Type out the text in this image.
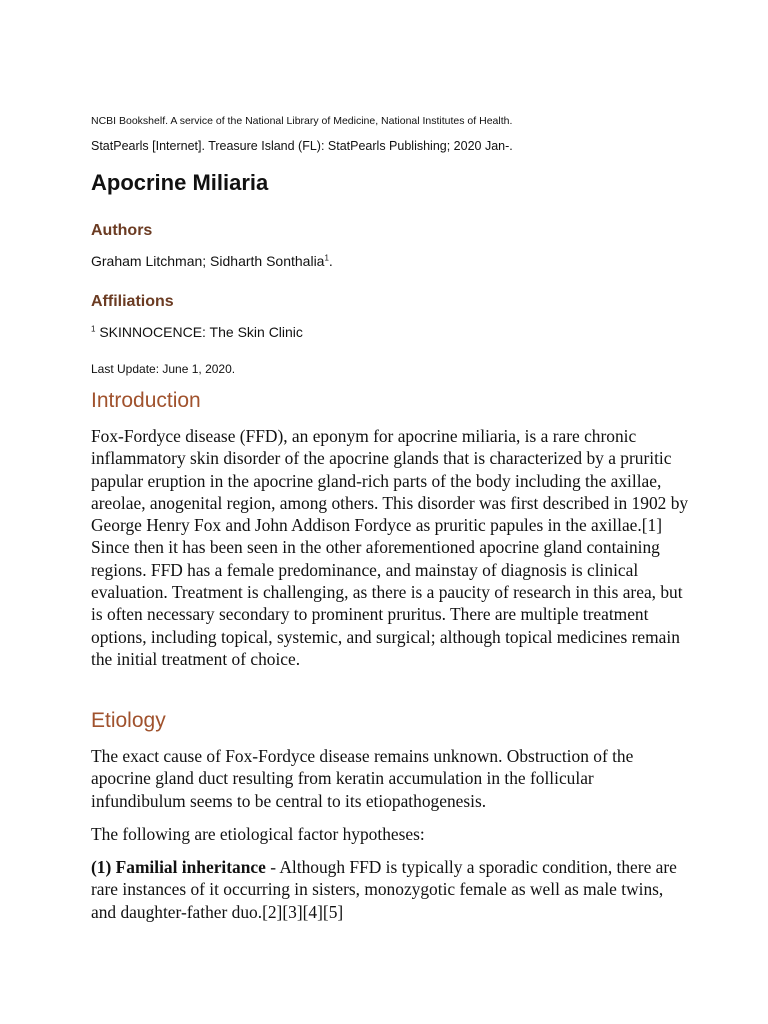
NCBI Bookshelf. A service of the National Library of Medicine, National Institutes of Health.
StatPearls [Internet]. Treasure Island (FL): StatPearls Publishing; 2020 Jan-.
Apocrine Miliaria
Authors
Graham Litchman; Sidharth Sonthalia$^1$.
Affiliations
$^1$ SKINNOCENCE: The Skin Clinic
Last Update: June 1, 2020.
Introduction

Fox-Fordyce disease (FFD), an eponym for apocrine miliaria, is a rare chronic inflammatory skin disorder of the apocrine glands that is characterized by a pruritic papular eruption in the apocrine gland-rich parts of the body including the axillae, areolae, anogenital region, among others. This disorder was first described in 1902 by George Henry Fox and John Addison Fordyce as pruritic papules in the axillae.[1] Since then it has been seen in the other aforementioned apocrine gland containing regions. FFD has a female predominance, and mainstay of diagnosis is clinical evaluation. Treatment is challenging, as there is a paucity of research in this area, but is often necessary secondary to prominent pruritus. There are multiple treatment options, including topical, systemic, and surgical; although topical medicines remain the initial treatment of choice.

Etiology

The exact cause of Fox-Fordyce disease remains unknown. Obstruction of the apocrine gland duct resulting from keratin accumulation in the follicular infundibulum seems to be central to its etiopathogenesis.

The following are etiological factor hypotheses:

(1) Familial inheritance - Although FFD is typically a sporadic condition, there are rare instances of it occurring in sisters, monozygotic female as well as male twins, and daughter-father duo.[2][3][4][5]
